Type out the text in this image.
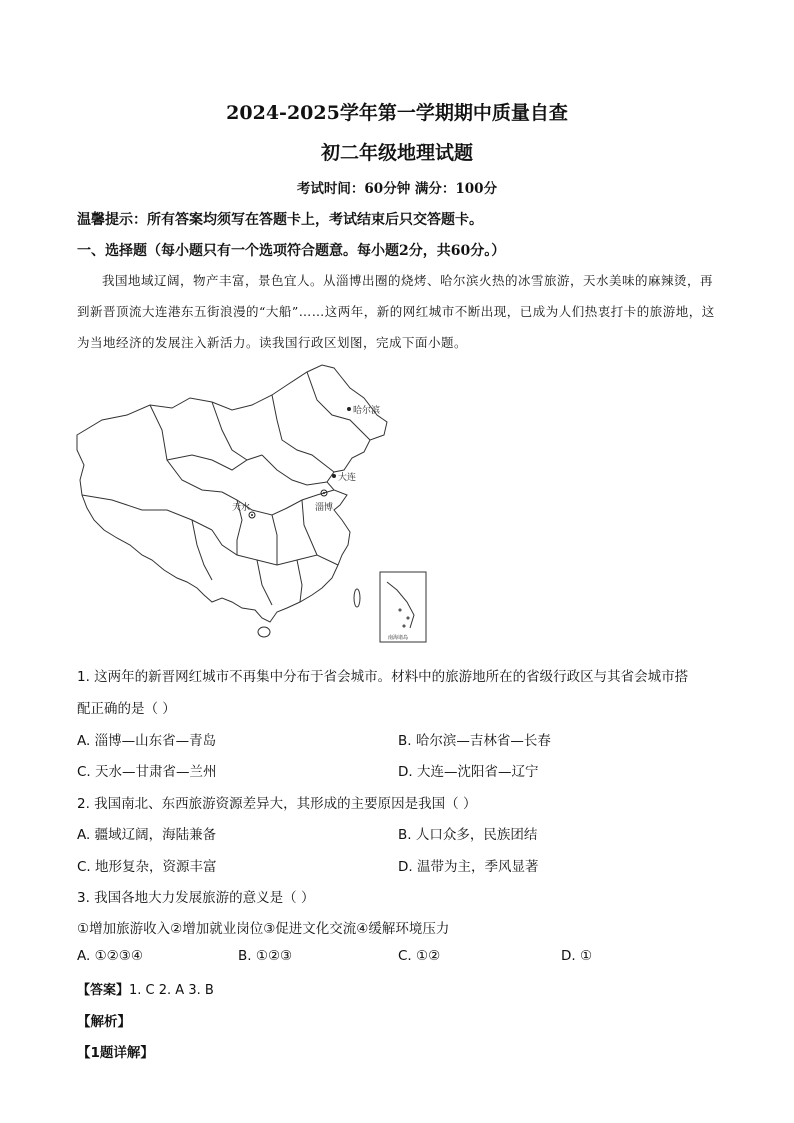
2024-2025学年第一学期期中质量自查
初二年级地理试题
考试时间：60分钟 满分：100分
温馨提示：所有答案均须写在答题卡上，考试结束后只交答题卡。
一、选择题（每小题只有一个选项符合题意。每小题2分，共60分。）
我国地域辽阔，物产丰富，景色宜人。从淄博出圈的烧烤、哈尔滨火热的冰雪旅游，天水美味的麻辣烫，再到新晋顶流大连港东五街浪漫的“大船”……这两年，新的网红城市不断出现，已成为人们热衷打卡的旅游地，这为当地经济的发展注入新活力。读我国行政区划图，完成下面小题。
南海诸岛
哈尔滨
大连
天水	淄博
1. 这两年的新晋网红城市不再集中分布于省会城市。材料中的旅游地所在的省级行政区与其省会城市搭
配正确的是（ ）
A. 淄博—山东省—青岛	B. 哈尔滨—吉林省—长春
C. 天水—甘肃省—兰州	D. 大连—沈阳省—辽宁
2. 我国南北、东西旅游资源差异大，其形成的主要原因是我国（ ）
A. 疆域辽阔，海陆兼备	B. 人口众多，民族团结
C. 地形复杂，资源丰富	D. 温带为主，季风显著
3. 我国各地大力发展旅游的意义是（ ）
①增加旅游收入②增加就业岗位③促进文化交流④缓解环境压力
A. ①②③④	B. ①②③	C. ①②	D. ①
【答案】1. C 2. A 3. B
【解析】
【1题详解】
